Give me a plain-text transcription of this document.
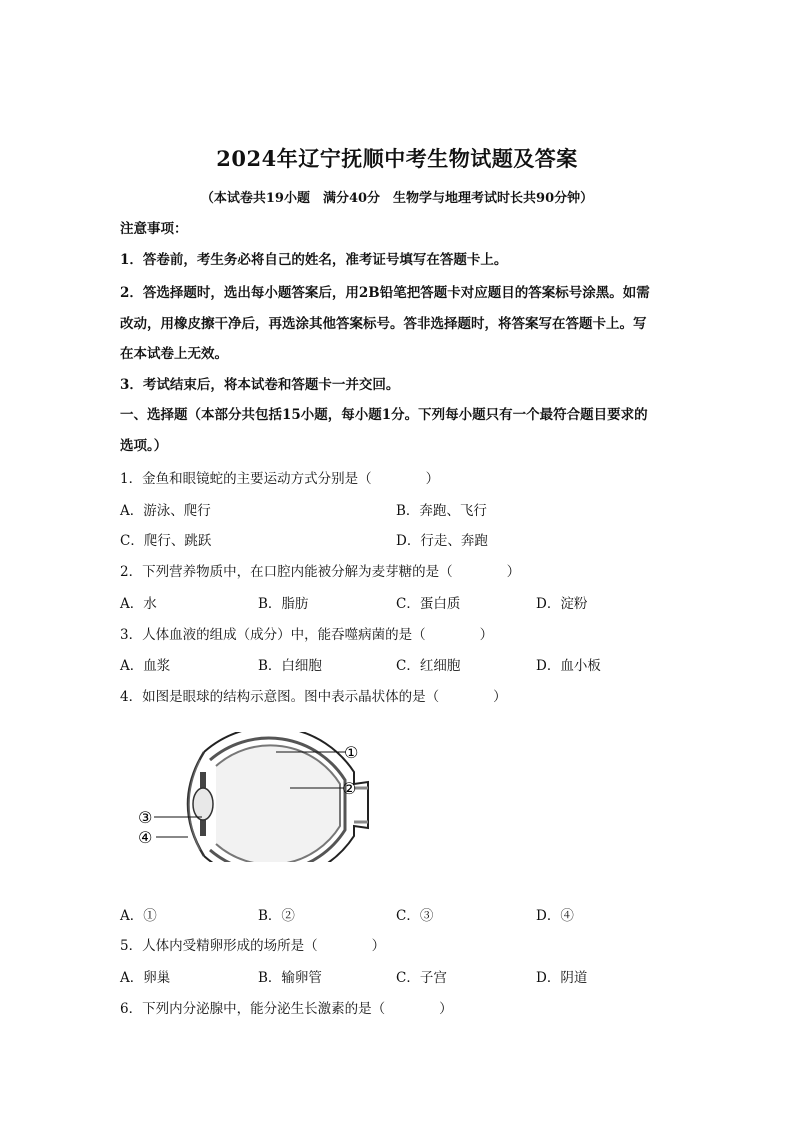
2024年辽宁抚顺中考生物试题及答案
（本试卷共19小题　满分40分　生物学与地理考试时长共90分钟）
注意事项：
1．答卷前，考生务必将自己的姓名，准考证号填写在答题卡上。
2．答选择题时，选出每小题答案后，用2B铅笔把答题卡对应题目的答案标号涂黑。如需
改动，用橡皮擦干净后，再选涂其他答案标号。答非选择题时，将答案写在答题卡上。写
在本试卷上无效。
3．考试结束后，将本试卷和答题卡一并交回。
一、选择题（本部分共包括15小题，每小题1分。下列每小题只有一个最符合题目要求的
选项。）
1．金鱼和眼镜蛇的主要运动方式分别是（　　　　）
A．游泳、爬行	B．奔跑、飞行
C．爬行、跳跃	D．行走、奔跑
2．下列营养物质中，在口腔内能被分解为麦芽糖的是（　　　　）
A．水	B．脂肪	C．蛋白质	D．淀粉
3．人体血液的组成（成分）中，能吞噬病菌的是（　　　　）
A．血浆	B．白细胞	C．红细胞	D．血小板
4．如图是眼球的结构示意图。图中表示晶状体的是（　　　　）
①
②
③
④
A．①	B．②	C．③	D．④
5．人体内受精卵形成的场所是（　　　　）
A．卵巢	B．输卵管	C．子宫	D．阴道
6．下列内分泌腺中，能分泌生长激素的是（　　　　）
